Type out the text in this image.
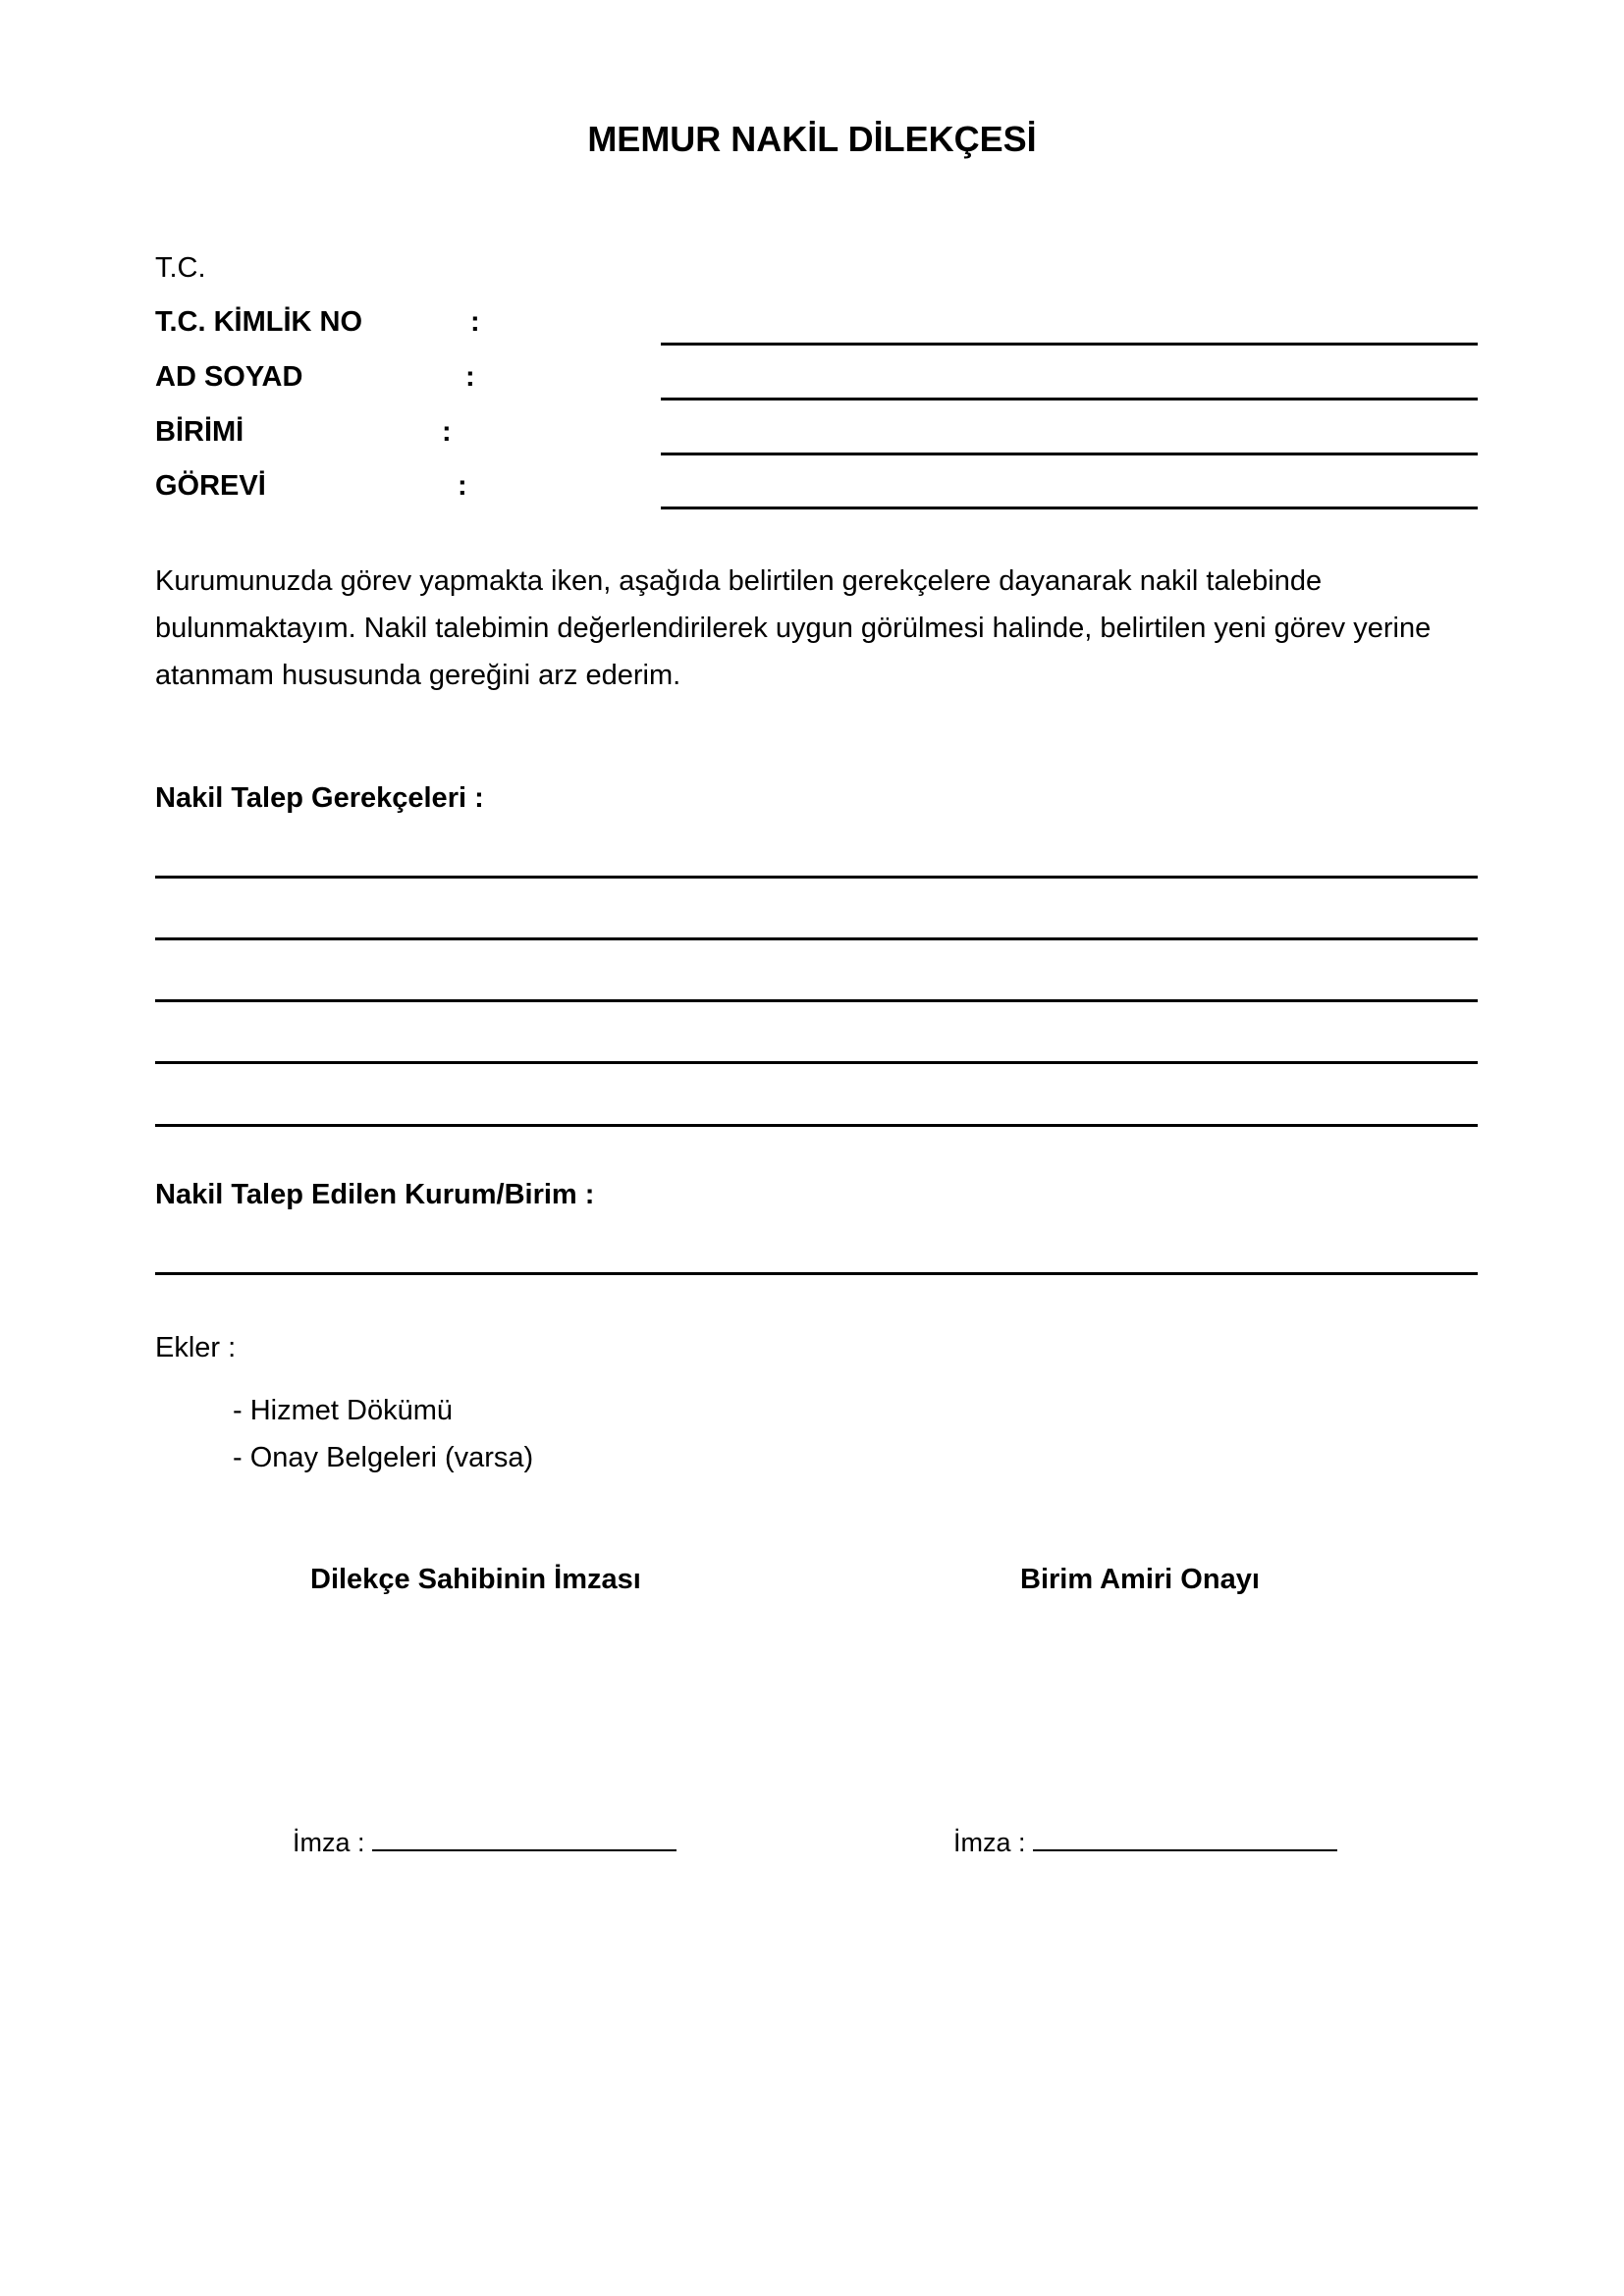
MEMUR NAKİL DİLEKÇESİ
T.C.
T.C. KİMLİK NO	:
AD SOYAD	:
BİRİMİ	:
GÖREVİ	:
Kurumunuzda görev yapmakta iken, aşağıda belirtilen gerekçelere dayanarak nakil talebinde bulunmaktayım. Nakil talebimin değerlendirilerek uygun görülmesi halinde, belirtilen yeni görev yerine atanmam hususunda gereğini arz ederim.
Nakil Talep Gerekçeleri :
Nakil Talep Edilen Kurum/Birim :
Ekler :
- Hizmet Dökümü
- Onay Belgeleri (varsa)
Dilekçe Sahibinin İmzası	Birim Amiri Onayı
İmza :	İmza :
